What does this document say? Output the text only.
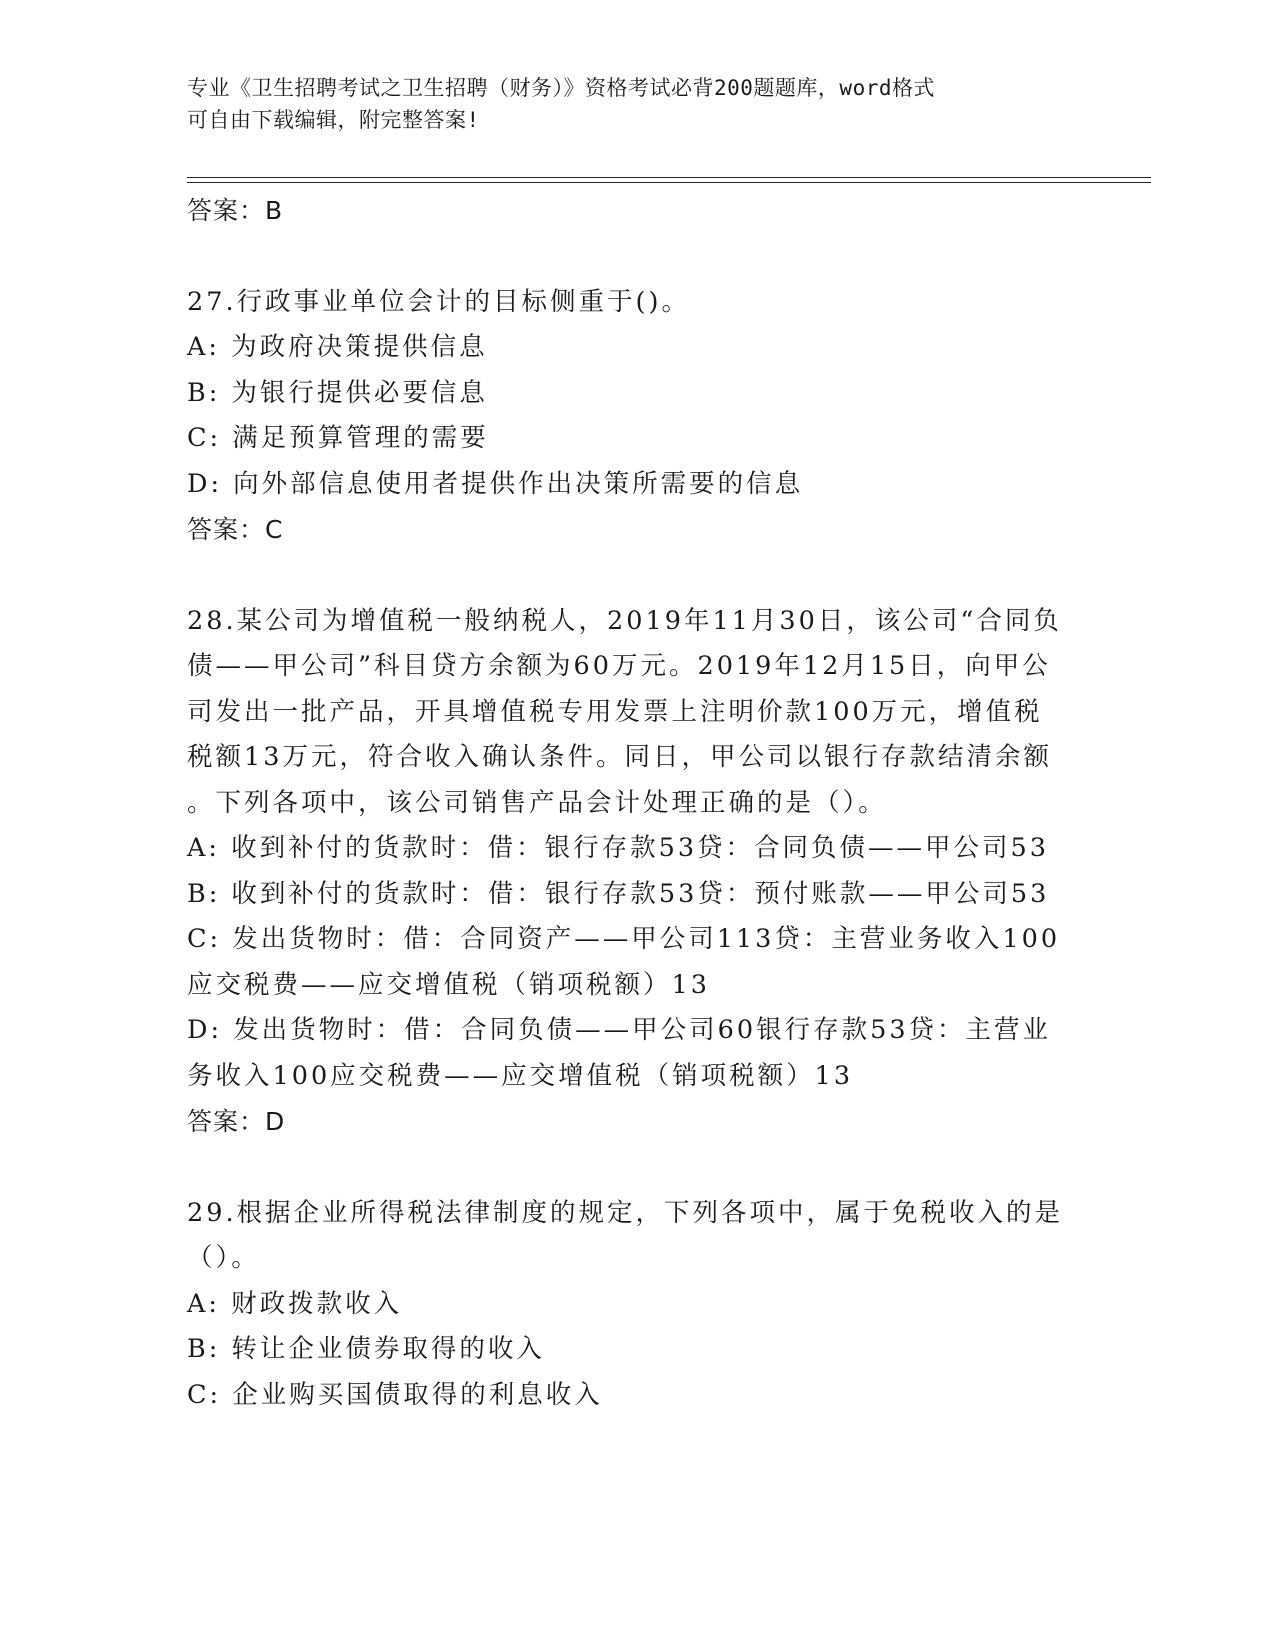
专业《卫生招聘考试之卫生招聘（财务）》资格考试必背200题题库，word格式
可自由下载编辑，附完整答案!
答案：B
27.行政事业单位会计的目标侧重于()。
A: 为政府决策提供信息
B: 为银行提供必要信息
C: 满足预算管理的需要
D: 向外部信息使用者提供作出决策所需要的信息
答案：C
28.某公司为增值税一般纳税人，2019年11月30日，该公司“合同负
债——甲公司”科目贷方余额为60万元。2019年12月15日，向甲公
司发出一批产品，开具增值税专用发票上注明价款100万元，增值税
税额13万元，符合收入确认条件。同日，甲公司以银行存款结清余额
。下列各项中，该公司销售产品会计处理正确的是（）。
A: 收到补付的货款时：借：银行存款53贷：合同负债——甲公司53
B: 收到补付的货款时：借：银行存款53贷：预付账款——甲公司53
C: 发出货物时：借：合同资产——甲公司113贷：主营业务收入100
应交税费——应交增值税（销项税额）13
D: 发出货物时：借：合同负债——甲公司60银行存款53贷：主营业
务收入100应交税费——应交增值税（销项税额）13
答案：D
29.根据企业所得税法律制度的规定，下列各项中，属于免税收入的是
（）。
A: 财政拨款收入
B: 转让企业债券取得的收入
C: 企业购买国债取得的利息收入
